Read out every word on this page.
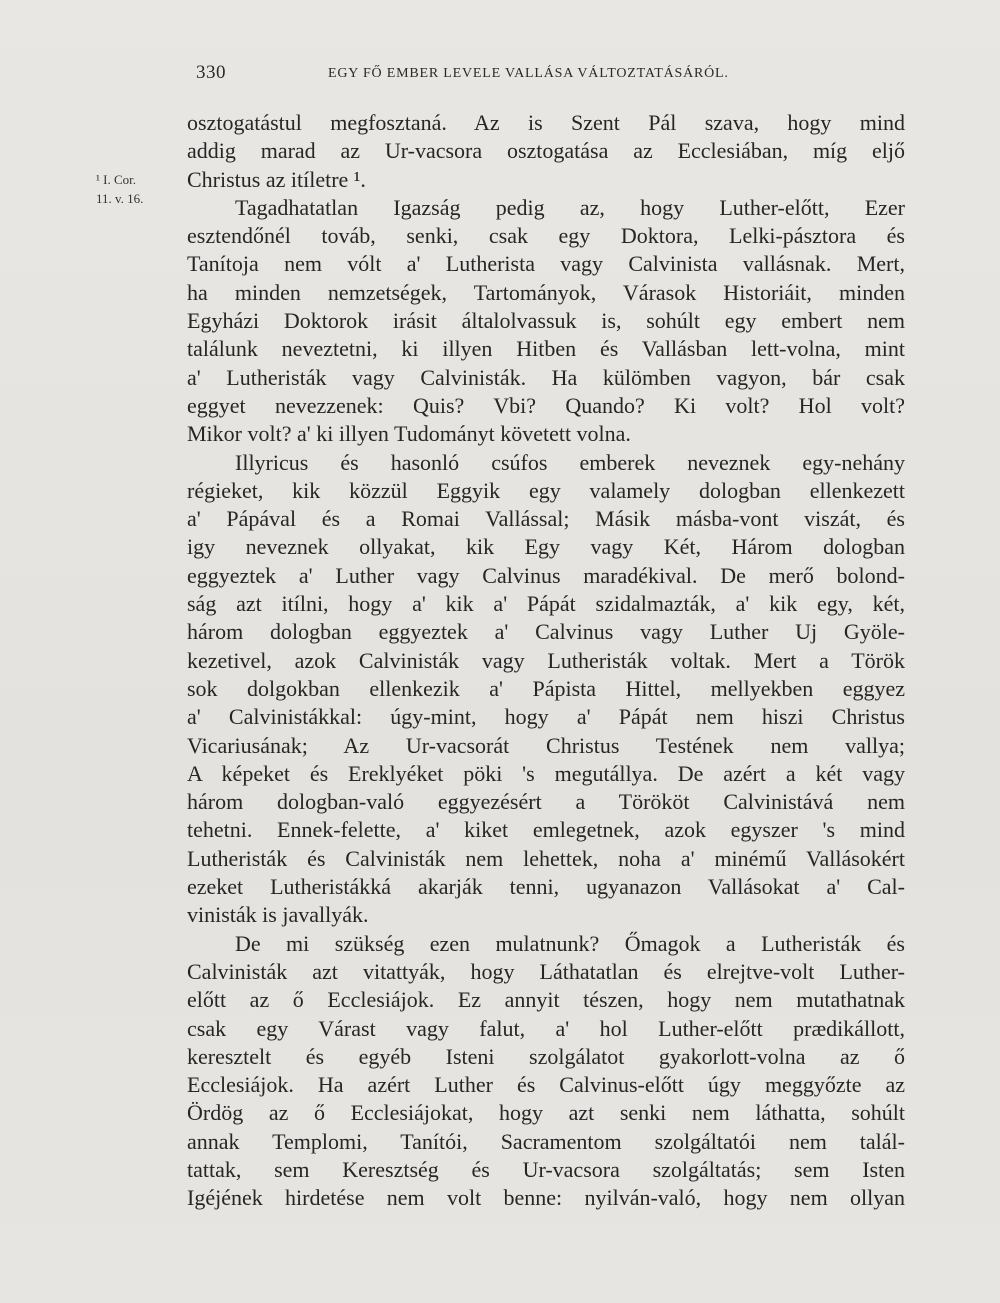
330	EGY FŐ EMBER LEVELE VALLÁSA VÁLTOZTATÁSÁRÓL.
¹ I. Cor.
11. v. 16.
osztogatástul megfosztaná. Az is Szent Pál szava, hogy mind
addig marad az Ur-vacsora osztogatása az Ecclesiában, míg eljő
Christus az itíletre ¹.
Tagadhatatlan Igazság pedig az, hogy Luther-előtt, Ezer
esztendőnél továb, senki, csak egy Doktora, Lelki-pásztora és
Tanítoja nem vólt a' Lutherista vagy Calvinista vallásnak. Mert,
ha minden nemzetségek, Tartományok, Várasok Historiáit, minden
Egyházi Doktorok irásit általolvassuk is, sohúlt egy embert nem
találunk neveztetni, ki illyen Hitben és Vallásban lett-volna, mint
a' Lutheristák vagy Calvinisták. Ha külömben vagyon, bár csak
eggyet nevezzenek: Quis? Vbi? Quando? Ki volt? Hol volt?
Mikor volt? a' ki illyen Tudományt követett volna.
Illyricus és hasonló csúfos emberek neveznek egy-nehány
régieket, kik közzül Eggyik egy valamely dologban ellenkezett
a' Pápával és a Romai Vallással; Másik másba-vont viszát, és
igy neveznek ollyakat, kik Egy vagy Két, Három dologban
eggyeztek a' Luther vagy Calvinus maradékival. De merő bolond-
ság azt itílni, hogy a' kik a' Pápát szidalmazták, a' kik egy, két,
három dologban eggyeztek a' Calvinus vagy Luther Uj Gyöle-
kezetivel, azok Calvinisták vagy Lutheristák voltak. Mert a Török
sok dolgokban ellenkezik a' Pápista Hittel, mellyekben eggyez
a' Calvinistákkal: úgy-mint, hogy a' Pápát nem hiszi Christus
Vicariusának; Az Ur-vacsorát Christus Testének nem vallya;
A képeket és Ereklyéket pöki 's megutállya. De azért a két vagy
három dologban-való eggyezésért a Törököt Calvinistává nem
tehetni. Ennek-felette, a' kiket emlegetnek, azok egyszer 's mind
Lutheristák és Calvinisták nem lehettek, noha a' minémű Vallásokért
ezeket Lutheristákká akarják tenni, ugyanazon Vallásokat a' Cal-
vinisták is javallyák.
De mi szükség ezen mulatnunk? Őmagok a Lutheristák és
Calvinisták azt vitattyák, hogy Láthatatlan és elrejtve-volt Luther-
előtt az ő Ecclesiájok. Ez annyit tészen, hogy nem mutathatnak
csak egy Várast vagy falut, a' hol Luther-előtt prædikállott,
keresztelt és egyéb Isteni szolgálatot gyakorlott-volna az ő
Ecclesiájok. Ha azért Luther és Calvinus-előtt úgy meggyőzte az
Ördög az ő Ecclesiájokat, hogy azt senki nem láthatta, sohúlt
annak Templomi, Tanítói, Sacramentom szolgáltatói nem talál-
tattak, sem Keresztség és Ur-vacsora szolgáltatás; sem Isten
Igéjének hirdetése nem volt benne: nyilván-való, hogy nem ollyan
